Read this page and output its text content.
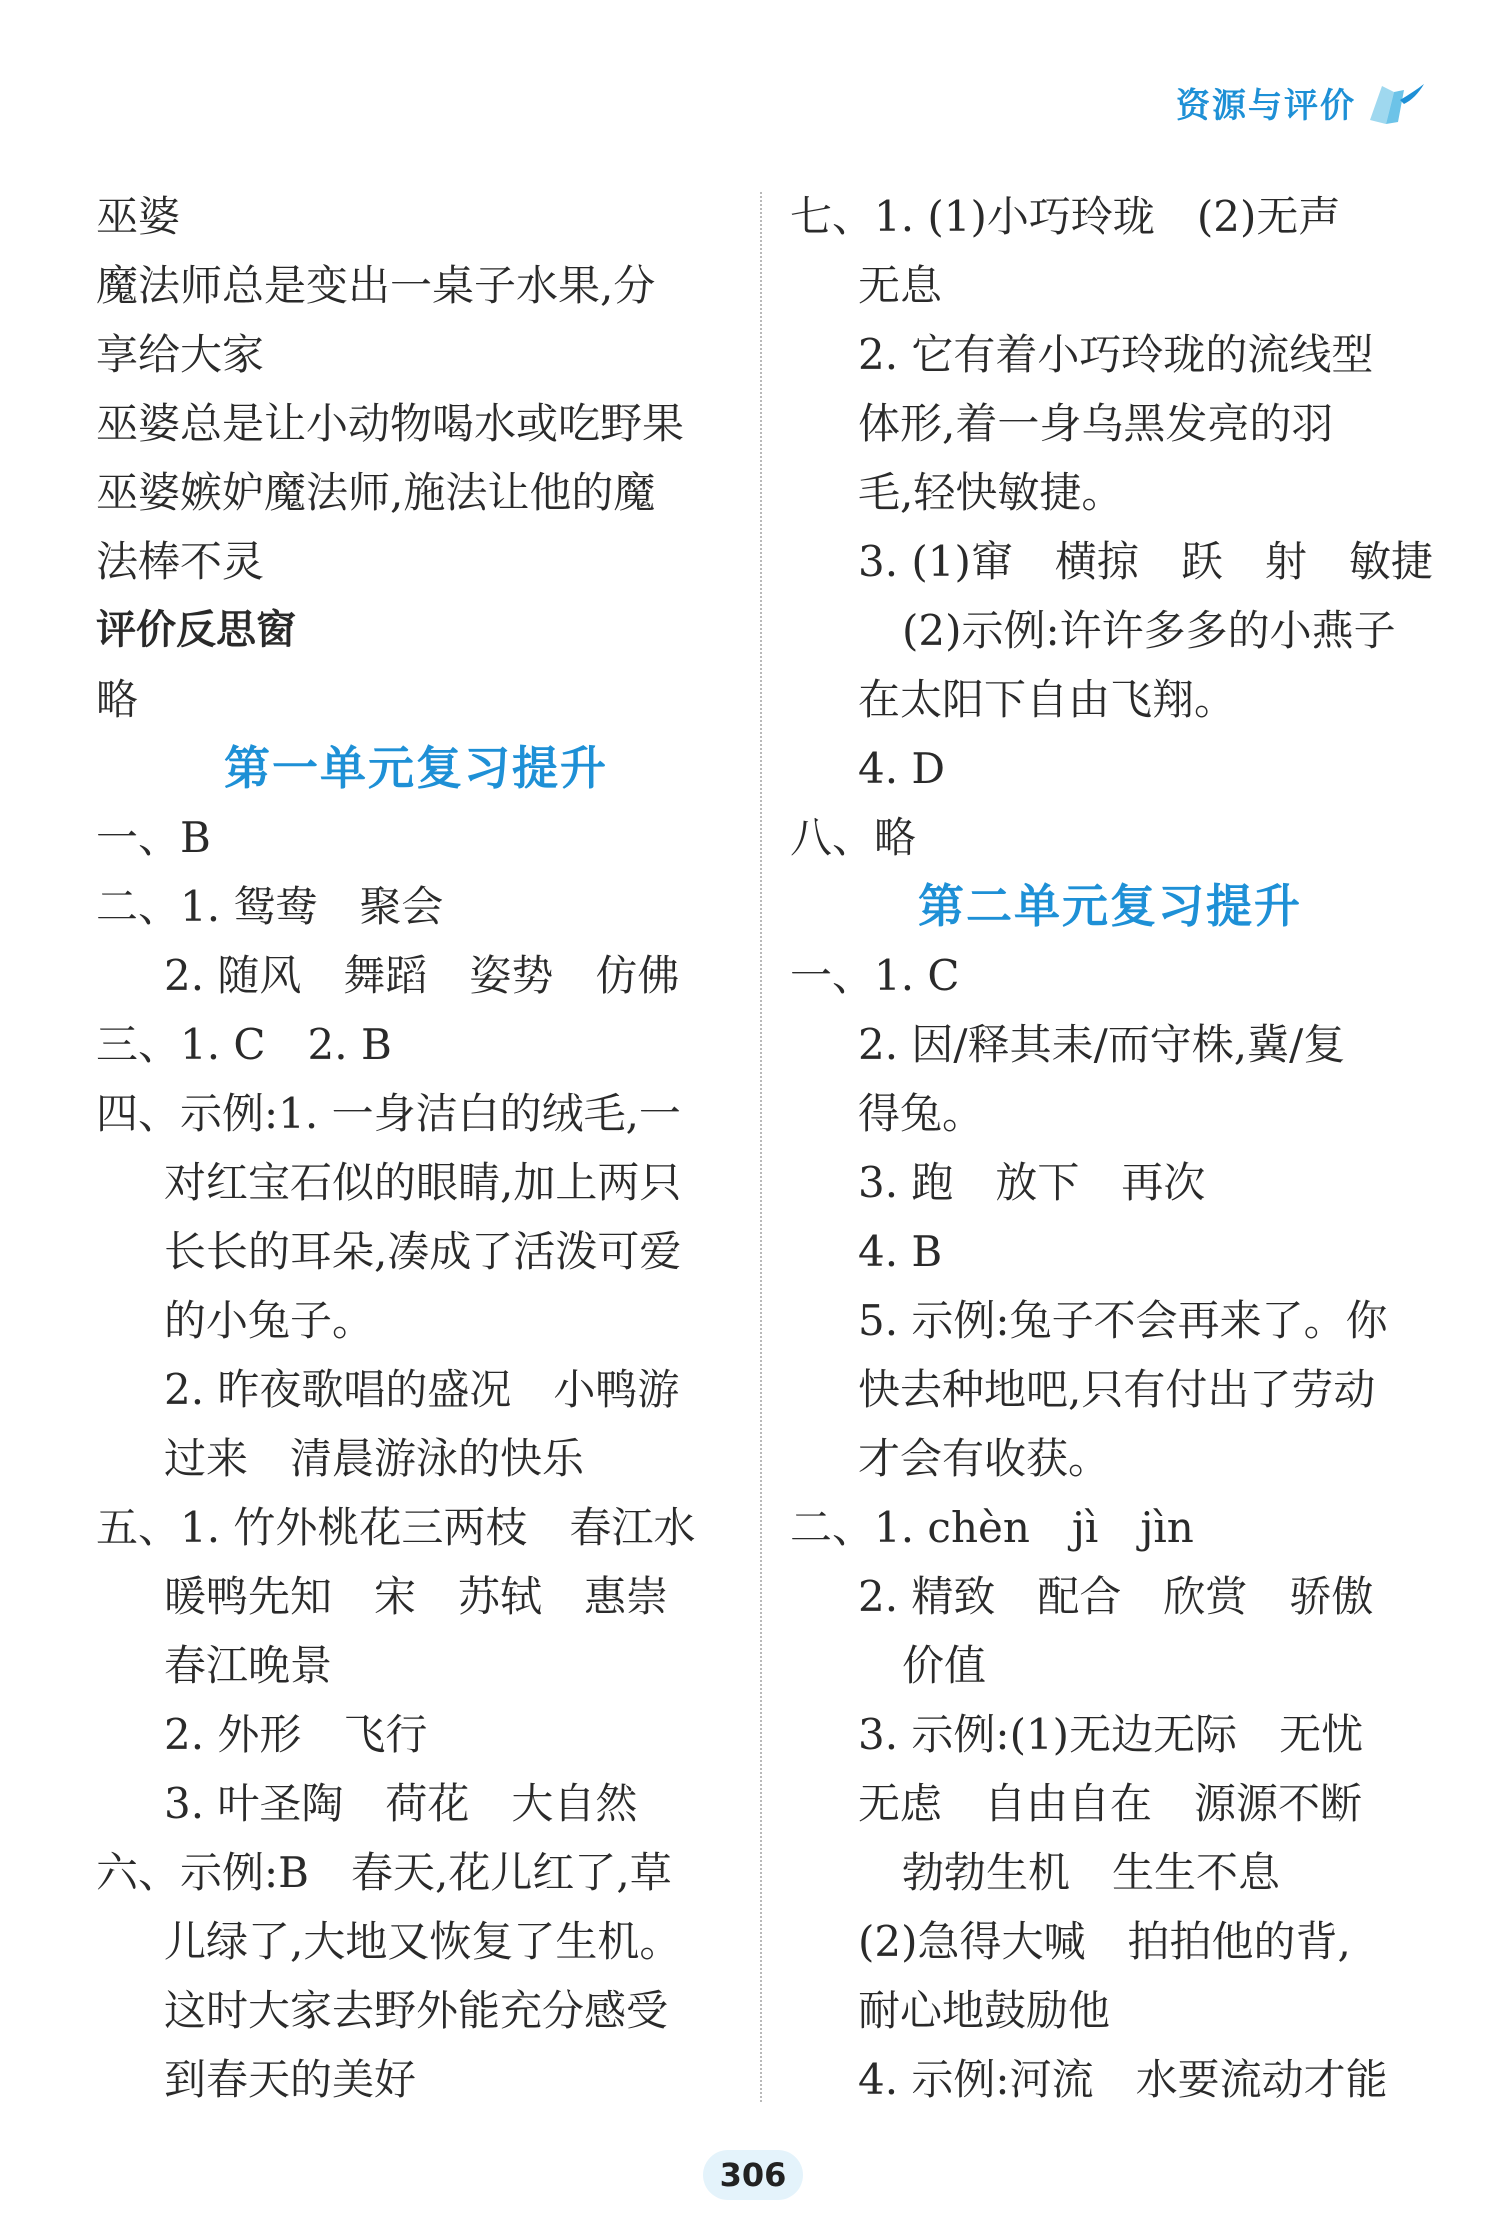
资源与评价
巫婆
魔法师总是变出一桌子水果,分
享给大家
巫婆总是让小动物喝水或吃野果
巫婆嫉妒魔法师,施法让他的魔
法棒不灵
评价反思窗
略
第一单元复习提升
一、B
二、1. 鸳鸯　聚会
2. 随风　舞蹈　姿势　仿佛
三、1. C　2. B
四、示例:1. 一身洁白的绒毛,一
对红宝石似的眼睛,加上两只
长长的耳朵,凑成了活泼可爱
的小兔子。
2. 昨夜歌唱的盛况　小鸭游
过来　清晨游泳的快乐
五、1. 竹外桃花三两枝　春江水
暖鸭先知　宋　苏轼　惠崇
春江晚景
2. 外形　飞行
3. 叶圣陶　荷花　大自然
六、示例:B　春天,花儿红了,草
儿绿了,大地又恢复了生机。
这时大家去野外能充分感受
到春天的美好
七、1. (1)小巧玲珑　(2)无声
无息
2. 它有着小巧玲珑的流线型
体形,着一身乌黑发亮的羽
毛,轻快敏捷。
3. (1)窜　横掠　跃　射　敏捷
(2)示例:许许多多的小燕子
在太阳下自由飞翔。
4. D
八、略
第二单元复习提升
一、1. C
2. 因/释其耒/而守株,冀/复
得兔。
3. 跑　放下　再次
4. B
5. 示例:兔子不会再来了。你
快去种地吧,只有付出了劳动
才会有收获。
二、1. chèn　jì　jìn
2. 精致　配合　欣赏　骄傲
价值
3. 示例:(1)无边无际　无忧
无虑　自由自在　源源不断
勃勃生机　生生不息
(2)急得大喊　拍拍他的背,
耐心地鼓励他
4. 示例:河流　水要流动才能
306
